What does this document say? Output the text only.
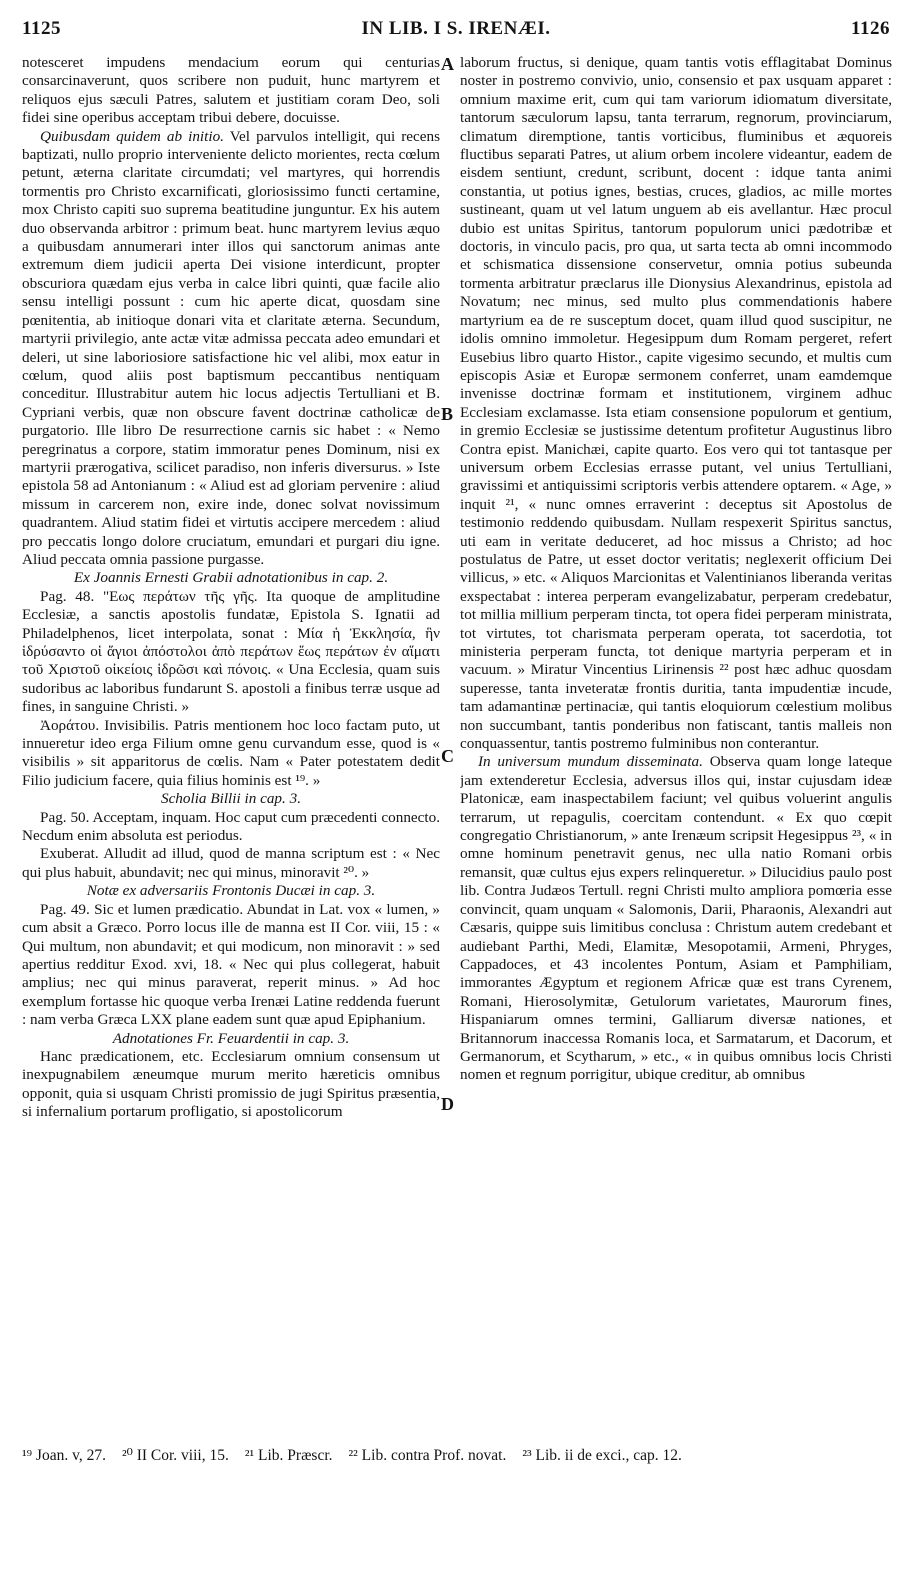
1125	IN LIB. I S. IRENÆI.	1126

notesceret impudens mendacium eorum qui centurias consarcinaverunt, quos scribere non puduit, hunc martyrem et reliquos ejus sæculi Patres, salutem et justitiam coram Deo, soli fidei sine operibus acceptam tribui debere, docuisse.

Quibusdam quidem ab initio. Vel parvulos intelligit, qui recens baptizati, nullo proprio interveniente delicto morientes, recta cœlum petunt, æterna claritate circumdati; vel martyres, qui horrendis tormentis pro Christo excarnificati, gloriosissimo functi certamine, mox Christo capiti suo suprema beatitudine junguntur. Ex his autem duo observanda arbitror : primum beat. hunc martyrem levius æquo a quibusdam annumerari inter illos qui sanctorum animas ante extremum diem judicii aperta Dei visione interdicunt, propter obscuriora quædam ejus verba in calce libri quinti, quæ facile alio sensu intelligi possunt : cum hic aperte dicat, quosdam sine pœnitentia, ab initioque donari vita et claritate æterna. Secundum, martyrii privilegio, ante actæ vitæ admissa peccata adeo emundari et deleri, ut sine laboriosiore satisfactione hic vel alibi, mox eatur in cœlum, quod aliis post baptismum peccantibus nentiquam conceditur. Illustrabitur autem hic locus adjectis Tertulliani et B. Cypriani verbis, quæ non obscure favent doctrinæ catholicæ de purgatorio. Ille libro De resurrectione carnis sic habet : « Nemo peregrinatus a corpore, statim immoratur penes Dominum, nisi ex martyrii prærogativa, scilicet paradiso, non inferis diversurus. » Iste epistola 58 ad Antonianum : « Aliud est ad gloriam pervenire : aliud missum in carcerem non, exire inde, donec solvat novissimum quadrantem. Aliud statim fidei et virtutis accipere mercedem : aliud pro peccatis longo dolore cruciatum, emundari et purgari diu igne. Aliud peccata omnia passione purgasse.

Ex Joannis Ernesti Grabii adnotationibus in cap. 2.

Pag. 48. "Εως περάτων τῆς γῆς. Ita quoque de amplitudine Ecclesiæ, a sanctis apostolis fundatæ, Epistola S. Ignatii ad Philadelphenos, licet interpolata, sonat : Μία ἡ Ἐκκλησία, ἣν ἱδρύσαντο οἱ ἅγιοι ἀπόστολοι ἀπὸ περάτων ἕως περάτων ἐν αἵματι τοῦ Χριστοῦ οἰκείοις ἱδρῶσι καὶ πόνοις. « Una Ecclesia, quam suis sudoribus ac laboribus fundarunt S. apostoli a finibus terræ usque ad fines, in sanguine Christi. »

Ἀοράτου. Invisibilis. Patris mentionem hoc loco factam puto, ut innueretur ideo erga Filium omne genu curvandum esse, quod is « visibilis » sit apparitorus de cœlis. Nam « Pater potestatem dedit Filio judicium facere, quia filius hominis est ¹⁹. »

Scholia Billii in cap. 3.

Pag. 50. Acceptam, inquam. Hoc caput cum præcedenti connecto. Necdum enim absoluta est periodus.

Exuberat. Alludit ad illud, quod de manna scriptum est : « Nec qui plus habuit, abundavit; nec qui minus, minoravit ²⁰. »

Notæ ex adversariis Frontonis Ducæi in cap. 3.

Pag. 49. Sic et lumen prædicatio. Abundat in Lat. vox « lumen, » cum absit a Græco. Porro locus ille de manna est II Cor. viii, 15 : « Qui multum, non abundavit; et qui modicum, non minoravit : » sed apertius redditur Exod. xvi, 18. « Nec qui plus collegerat, habuit amplius; nec qui minus paraverat, reperit minus. » Ad hoc exemplum fortasse hic quoque verba Irenæi Latine reddenda fuerunt : nam verba Græca LXX plane eadem sunt quæ apud Epiphanium.

Adnotationes Fr. Feuardentii in cap. 3.

Hanc prædicationem, etc. Ecclesiarum omnium consensum ut inexpugnabilem æneumque murum merito hæreticis omnibus opponit, quia si usquam Christi promissio de jugi Spiritus præsentia, si infernalium portarum profligatio, si apostolicorum

laborum fructus, si denique, quam tantis votis efflagitabat Dominus noster in postremo convivio, unio, consensio et pax usquam apparet : omnium maxime erit, cum qui tam variorum idiomatum diversitate, tantorum sæculorum lapsu, tanta terrarum, regnorum, provinciarum, climatum diremptione, tantis vorticibus, fluminibus et æquoreis fluctibus separati Patres, ut alium orbem incolere videantur, eadem de eisdem sentiunt, credunt, scribunt, docent : idque tanta animi constantia, ut potius ignes, bestias, cruces, gladios, ac mille mortes sustineant, quam ut vel latum unguem ab eis avellantur. Hæc procul dubio est unitas Spiritus, tantorum populorum unici pædotribæ et doctoris, in vinculo pacis, pro qua, ut sarta tecta ab omni incommodo et schismatica dissensione conservetur, omnia potius subeunda tormenta arbitratur præclarus ille Dionysius Alexandrinus, epistola ad Novatum; nec minus, sed multo plus commendationis habere martyrium ea de re susceptum docet, quam illud quod suscipitur, ne idolis omnino immoletur. Hegesippum dum Romam pergeret, refert Eusebius libro quarto Histor., capite vigesimo secundo, et multis cum episcopis Asiæ et Europæ sermonem conferret, unam eamdemque invenisse doctrinæ formam et institutionem, virginem adhuc Ecclesiam exclamasse. Ista etiam consensione populorum et gentium, in gremio Ecclesiæ se justissime detentum profitetur Augustinus libro Contra epist. Manichæi, capite quarto. Eos vero qui tot tantasque per universum orbem Ecclesias errasse putant, vel unius Tertulliani, gravissimi et antiquissimi scriptoris verbis attendere optarem. « Age, » inquit ²¹, « nunc omnes erraverint : deceptus sit Apostolus de testimonio reddendo quibusdam. Nullam respexerit Spiritus sanctus, uti eam in veritate deduceret, ad hoc missus a Christo; ad hoc postulatus de Patre, ut esset doctor veritatis; neglexerit officium Dei villicus, » etc. « Aliquos Marcionitas et Valentinianos liberanda veritas exspectabat : interea perperam evangelizabatur, perperam credebatur, tot millia millium perperam tincta, tot opera fidei perperam ministrata, tot virtutes, tot charismata perperam operata, tot sacerdotia, tot ministeria perperam functa, tot denique martyria perperam et in vacuum. » Miratur Vincentius Lirinensis ²² post hæc adhuc quosdam superesse, tanta inveteratæ frontis duritia, tanta impudentiæ incude, tam adamantinæ pertinaciæ, qui tantis eloquiorum cœlestium molibus non succumbant, tantis ponderibus non fatiscant, tantis malleis non conquassentur, tantis postremo fulminibus non conterantur.

In universum mundum disseminata. Observa quam longe lateque jam extenderetur Ecclesia, adversus illos qui, instar cujusdam ideæ Platonicæ, eam inaspectabilem faciunt; vel quibus voluerint angulis terrarum, ut repagulis, coercitam contendunt. « Ex quo cœpit congregatio Christianorum, » ante Irenæum scripsit Hegesippus ²³, « in omne hominum penetravit genus, nec ulla natio Romani orbis remansit, quæ cultus ejus expers relinqueretur. » Dilucidius paulo post lib. Contra Judæos Tertull. regni Christi multo ampliora pomœria esse convincit, quam unquam « Salomonis, Darii, Pharaonis, Alexandri aut Cæsaris, quippe suis limitibus conclusa : Christum autem credebant et audiebant Parthi, Medi, Elamitæ, Mesopotamii, Armeni, Phryges, Cappadoces, et 43 incolentes Pontum, Asiam et Pamphiliam, immorantes Ægyptum et regionem Africæ quæ est trans Cyrenem, Romani, Hierosolymitæ, Getulorum varietates, Maurorum fines, Hispaniarum omnes termini, Galliarum diversæ nationes, et Britannorum inaccessa Romanis loca, et Sarmatarum, et Dacorum, et Germanorum, et Scytharum, » etc., « in quibus omnibus locis Christi nomen et regnum porrigitur, ubique creditur, ab omnibus

A
B
C
D
¹⁹ Joan. v, 27. ²⁰ II Cor. viii, 15. ²¹ Lib. Præscr. ²² Lib. contra Prof. novat. ²³ Lib. ii de exci., cap. 12.
